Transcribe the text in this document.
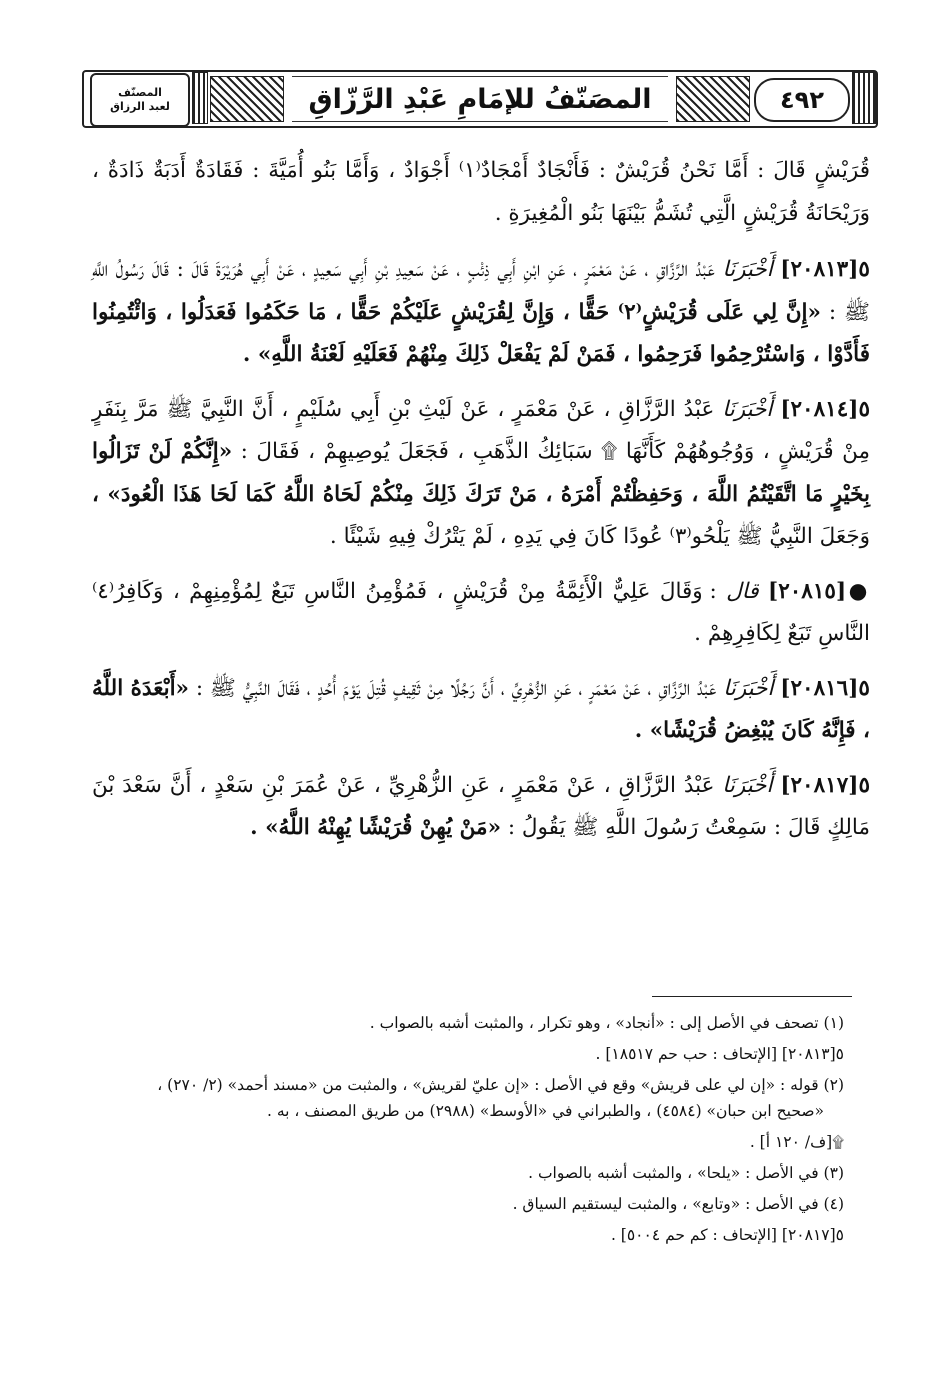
٤٩٢
المصَنّفُ للإمَامِ عَبْدِ الرَّزّاقِ
المصنّف
لعبد الرزاق

قُرَيْشٍ قَالَ : أَمَّا نَحْنُ قُرَيْشٌ : فَأَنْجَادٌ أَمْجَادٌ⁽١⁾ أَجْوَادٌ ، وَأَمَّا بَنُو أُمَيَّةَ : فَقَادَةٌ أَدَبَةٌ ذَادَةٌ ، وَرَيْحَانَةُ قُرَيْشٍ الَّتِي تُشَمُّ بَيْنَهَا بَنُو الْمُغِيرَةِ .

٥[٢٠٨١٣] أَخْبَرَنَا عَبْدُ الرَّزَّاقِ ، عَنْ مَعْمَرٍ ، عَنِ ابْنِ أَبِي ذِئْبٍ ، عَنْ سَعِيدِ بْنِ أَبِي سَعِيدٍ ، عَنْ أَبِي هُرَيْرَةَ قَالَ : قَالَ رَسُولُ اللَّهِ ﷺ : «إِنَّ لِي عَلَى قُرَيْشٍ⁽٢⁾ حَقًّا ، وَإِنَّ لِقُرَيْشٍ عَلَيْكُمْ حَقًّا ، مَا حَكَمُوا فَعَدَلُوا ، وَائْتُمِنُوا فَأَدَّوْا ، وَاسْتُرْحِمُوا فَرَحِمُوا ، فَمَنْ لَمْ يَفْعَلْ ذَلِكَ مِنْهُمْ فَعَلَيْهِ لَعْنَةُ اللَّهِ» .

٥[٢٠٨١٤] أَخْبَرَنَا عَبْدُ الرَّزَّاقِ ، عَنْ مَعْمَرٍ ، عَنْ لَيْثِ بْنِ أَبِي سُلَيْمٍ ، أَنَّ النَّبِيَّ ﷺ مَرَّ بِنَفَرٍ مِنْ قُرَيْشٍ ، وَوُجُوهُهُمْ كَأَنَّهَا ۩ سَبَائِكُ الذَّهَبِ ، فَجَعَلَ يُوصِيهِمْ ، فَقَالَ : «إِنَّكُمْ لَنْ تَزَالُوا بِخَيْرٍ مَا اتَّقَيْتُمُ اللَّهَ ، وَحَفِظْتُمْ أَمْرَهُ ، مَنْ تَرَكَ ذَلِكَ مِنْكُمْ لَحَاهُ اللَّهُ كَمَا لَحَا هَذَا الْعُودَ» ، وَجَعَلَ النَّبِيُّ ﷺ يَلْحُو⁽٣⁾ عُودًا كَانَ فِي يَدِهِ ، لَمْ يَتْرُكْ فِيهِ شَيْئًا .

●[٢٠٨١٥] قال : وَقَالَ عَلِيٌّ الْأَئِمَّةُ مِنْ قُرَيْشٍ ، فَمُؤْمِنُ النَّاسِ تَبَعٌ لِمُؤْمِنِهِمْ ، وَكَافِرُ⁽٤⁾ النَّاسِ تَبَعٌ لِكَافِرِهِمْ .

٥[٢٠٨١٦] أَخْبَرَنَا عَبْدُ الرَّزَّاقِ ، عَنْ مَعْمَرٍ ، عَنِ الزُّهْرِيِّ ، أَنَّ رَجُلًا مِنْ ثَقِيفٍ قُتِلَ يَوْمَ أُحُدٍ ، فَقَالَ النَّبِيُّ ﷺ : «أَبْعَدَهُ اللَّهُ ، فَإِنَّهُ كَانَ يُبْغِضُ قُرَيْشًا» .

٥[٢٠٨١٧] أَخْبَرَنَا عَبْدُ الرَّزَّاقِ ، عَنْ مَعْمَرٍ ، عَنِ الزُّهْرِيِّ ، عَنْ عُمَرَ بْنِ سَعْدٍ ، أَنَّ سَعْدَ بْنَ مَالِكٍ قَالَ : سَمِعْتُ رَسُولَ اللَّهِ ﷺ يَقُولُ : «مَنْ يُهِنْ قُرَيْشًا يُهِنْهُ اللَّهُ» .

(١) تصحف في الأصل إلى : «أنجاد» ، وهو تكرار ، والمثبت أشبه بالصواب .

٥[٢٠٨١٣] [الإتحاف : حب حم ١٨٥١٧] .

(٢) قوله : «إن لي على قريش» وقع في الأصل : «إن عليّ لقريش» ، والمثبت من «مسند أحمد» (٢/ ٢٧٠) ،

«صحيح ابن حبان» (٤٥٨٤) ، والطبراني في «الأوسط» (٢٩٨٨) من طريق المصنف ، به .

۩[ف/ ١٢٠ أ] .

(٣) في الأصل : «يلحا» ، والمثبت أشبه بالصواب .

(٤) في الأصل : «وتابع» ، والمثبت ليستقيم السياق .

٥[٢٠٨١٧] [الإتحاف : كم حم ٥٠٠٤] .
